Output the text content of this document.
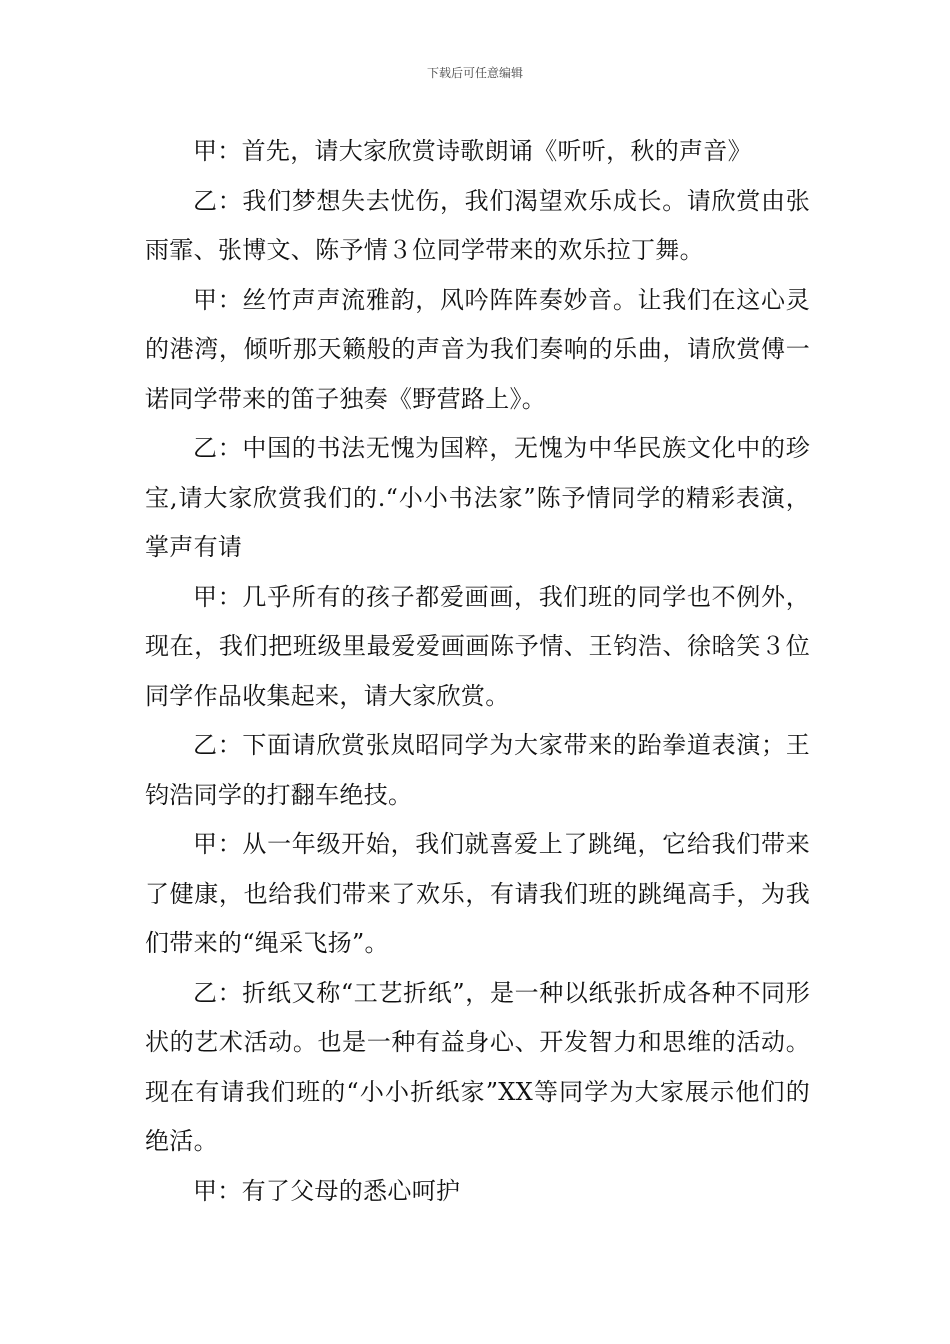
下载后可任意编辑

甲：首先，请大家欣赏诗歌朗诵《听听，秋的声音》

乙：我们梦想失去忧伤，我们渴望欢乐成长。请欣赏由张雨霏、张博文、陈予情３位同学带来的欢乐拉丁舞。

甲：丝竹声声流雅韵，风吟阵阵奏妙音。让我们在这心灵的港湾，倾听那天籁般的声音为我们奏响的乐曲，请欣赏傅一诺同学带来的笛子独奏《野营路上》。

乙：中国的书法无愧为国粹，无愧为中华民族文化中的珍宝,请大家欣赏我们的.“小小书法家”陈予情同学的精彩表演，掌声有请

甲：几乎所有的孩子都爱画画，我们班的同学也不例外，现在，我们把班级里最爱爱画画陈予情、王钧浩、徐晗笑３位同学作品收集起来，请大家欣赏。

乙：下面请欣赏张岚昭同学为大家带来的跆拳道表演；王钧浩同学的打翻车绝技。

甲：从一年级开始，我们就喜爱上了跳绳，它给我们带来了健康，也给我们带来了欢乐，有请我们班的跳绳高手，为我们带来的“绳采飞扬”。

乙：折纸又称“工艺折纸”，是一种以纸张折成各种不同形状的艺术活动。也是一种有益身心、开发智力和思维的活动。现在有请我们班的“小小折纸家”XX等同学为大家展示他们的绝活。

甲：有了父母的悉心呵护
